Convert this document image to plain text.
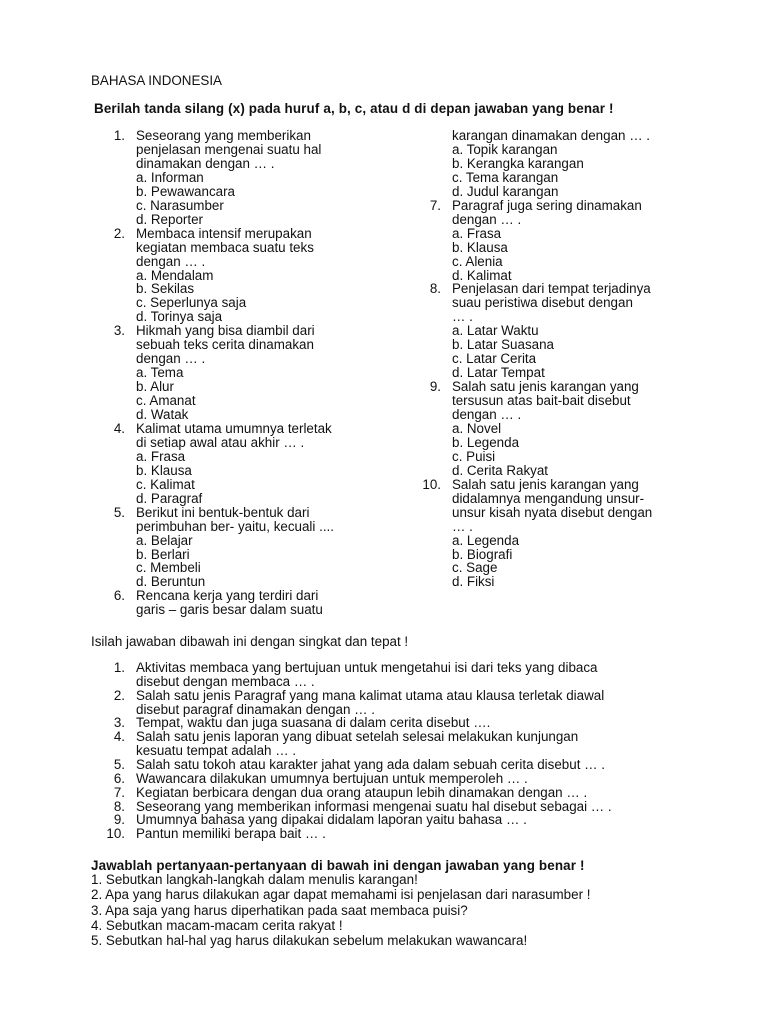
BAHASA INDONESIA
Berilah tanda silang (x) pada huruf a, b, c, atau d di depan jawaban yang benar !
1. Seseorang yang memberikan
penjelasan mengenai suatu hal
dinamakan dengan … .
a. Informan
b. Pewawancara
c. Narasumber
d. Reporter
2. Membaca intensif merupakan
kegiatan membaca suatu teks
dengan … .
a. Mendalam
b. Sekilas
c. Seperlunya saja
d. Torinya saja
3. Hikmah yang bisa diambil dari
sebuah teks cerita dinamakan
dengan … .
a. Tema
b. Alur
c. Amanat
d. Watak
4. Kalimat utama umumnya terletak
di setiap awal atau akhir … .
a. Frasa
b. Klausa
c. Kalimat
d. Paragraf
5. Berikut ini bentuk-bentuk dari
perimbuhan ber- yaitu, kecuali ....
a. Belajar
b. Berlari
c. Membeli
d. Beruntun
6. Rencana kerja yang terdiri dari
garis – garis besar dalam suatu
karangan dinamakan dengan … .
a. Topik karangan
b. Kerangka karangan
c. Tema karangan
d. Judul karangan
7. Paragraf juga sering dinamakan
dengan … .
a. Frasa
b. Klausa
c. Alenia
d. Kalimat
8. Penjelasan dari tempat terjadinya
suau peristiwa disebut dengan
… .
a. Latar Waktu
b. Latar Suasana
c. Latar Cerita
d. Latar Tempat
9. Salah satu jenis karangan yang
tersusun atas bait-bait disebut
dengan … .
a. Novel
b. Legenda
c. Puisi
d. Cerita Rakyat
10. Salah satu jenis karangan yang
didalamnya mengandung unsur-
unsur kisah nyata disebut dengan
… .
a. Legenda
b. Biografi
c. Sage
d. Fiksi
Isilah jawaban dibawah ini dengan singkat dan tepat !
1. Aktivitas membaca yang bertujuan untuk mengetahui isi dari teks yang dibaca
disebut dengan membaca … .
2. Salah satu jenis Paragraf yang mana kalimat utama atau klausa terletak diawal
disebut paragraf dinamakan dengan … .
3. Tempat, waktu dan juga suasana di dalam cerita disebut ….
4. Salah satu jenis laporan yang dibuat setelah selesai melakukan kunjungan
kesuatu tempat adalah … .
5. Salah satu tokoh atau karakter jahat yang ada dalam sebuah cerita disebut … .
6. Wawancara dilakukan umumnya bertujuan untuk memperoleh … .
7. Kegiatan berbicara dengan dua orang ataupun lebih dinamakan dengan … .
8. Seseorang yang memberikan informasi mengenai suatu hal disebut sebagai … .
9. Umumnya bahasa yang dipakai didalam laporan yaitu bahasa … .
10. Pantun memiliki berapa bait … .
Jawablah pertanyaan-pertanyaan di bawah ini dengan jawaban yang benar !
1. Sebutkan langkah-langkah dalam menulis karangan!
2. Apa yang harus dilakukan agar dapat memahami isi penjelasan dari narasumber !
3. Apa saja yang harus diperhatikan pada saat membaca puisi?
4. Sebutkan macam-macam cerita rakyat !
5. Sebutkan hal-hal yag harus dilakukan sebelum melakukan wawancara!
